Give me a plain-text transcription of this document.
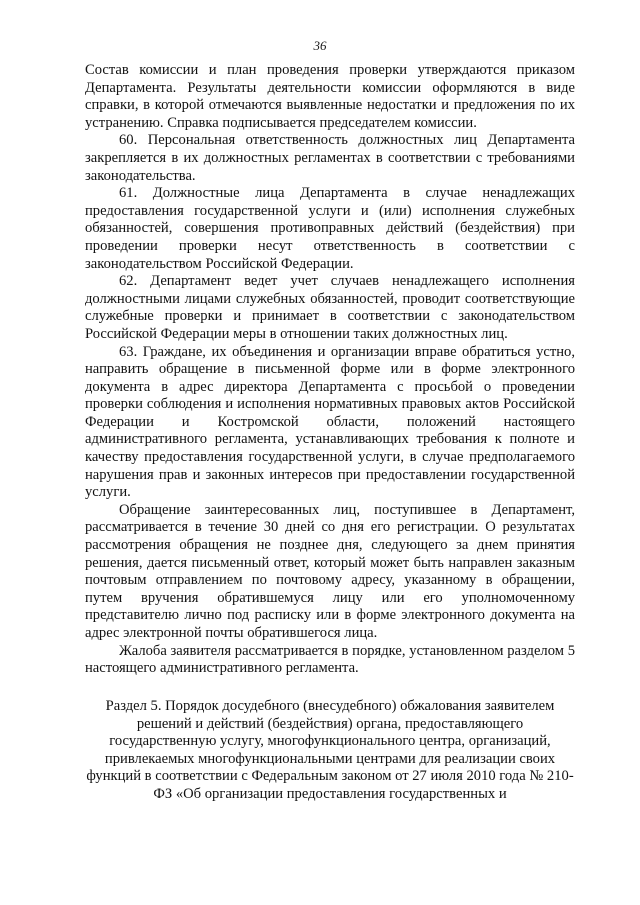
36

Состав комиссии и план проведения проверки утверждаются приказом Департамента. Результаты деятельности комиссии оформляются в виде справки, в которой отмечаются выявленные недостатки и предложения по их устранению. Справка подписывается председателем комиссии.

60. Персональная ответственность должностных лиц Департамента закрепляется в их должностных регламентах в соответствии с требованиями законодательства.

61. Должностные лица Департамента в случае ненадлежащих предоставления государственной услуги и (или) исполнения служебных обязанностей, совершения противоправных действий (бездействия) при проведении проверки несут ответственность в соответствии с законодательством Российской Федерации.

62. Департамент ведет учет случаев ненадлежащего исполнения должностными лицами служебных обязанностей, проводит соответствующие служебные проверки и принимает в соответствии с законодательством Российской Федерации меры в отношении таких должностных лиц.

63. Граждане, их объединения и организации вправе обратиться устно, направить обращение в письменной форме или в форме электронного документа в адрес директора Департамента с просьбой о проведении проверки соблюдения и исполнения нормативных правовых актов Российской Федерации и Костромской области, положений настоящего административного регламента, устанавливающих требования к полноте и качеству предоставления государственной услуги, в случае предполагаемого нарушения прав и законных интересов при предоставлении государственной услуги.

Обращение заинтересованных лиц, поступившее в Департамент, рассматривается в течение 30 дней со дня его регистрации. О результатах рассмотрения обращения не позднее дня, следующего за днем принятия решения, дается письменный ответ, который может быть направлен заказным почтовым отправлением по почтовому адресу, указанному в обращении, путем вручения обратившемуся лицу или его уполномоченному представителю лично под расписку или в форме электронного документа на адрес электронной почты обратившегося лица.

Жалоба заявителя рассматривается в порядке, установленном разделом 5 настоящего административного регламента.

Раздел 5. Порядок досудебного (внесудебного) обжалования заявителем решений и действий (бездействия) органа, предоставляющего государственную услугу, многофункционального центра, организаций, привлекаемых многофункциональными центрами для реализации своих функций в соответствии с Федеральным законом от 27 июля 2010 года № 210-ФЗ «Об организации предоставления государственных и
